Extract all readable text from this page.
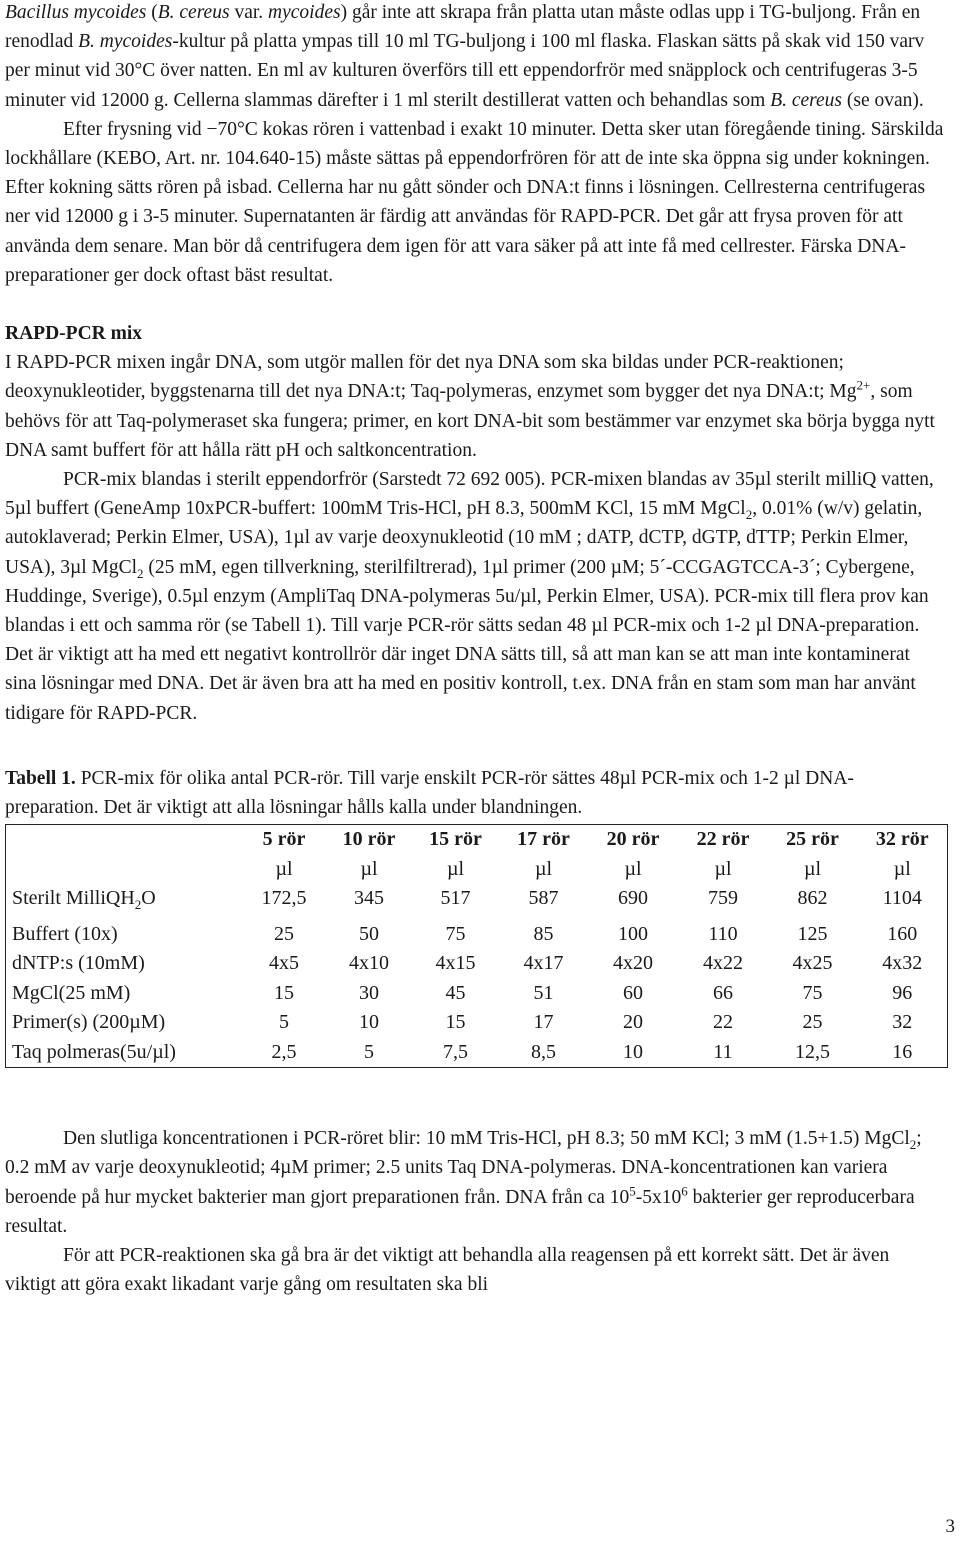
Bacillus mycoides (B. cereus var. mycoides) går inte att skrapa från platta utan måste odlas upp i TG-buljong. Från en renodlad B. mycoides-kultur på platta ympas till 10 ml TG-buljong i 100 ml flaska. Flaskan sätts på skak vid 150 varv per minut vid 30°C över natten. En ml av kulturen överförs till ett eppendorfrör med snäpplock och centrifugeras 3-5 minuter vid 12000 g. Cellerna slammas därefter i 1 ml sterilt destillerat vatten och behandlas som B. cereus (se ovan).

Efter frysning vid −70°C kokas rören i vattenbad i exakt 10 minuter. Detta sker utan föregående tining. Särskilda lockhållare (KEBO, Art. nr. 104.640-15) måste sättas på eppendorfrören för att de inte ska öppna sig under kokningen. Efter kokning sätts rören på isbad. Cellerna har nu gått sönder och DNA:t finns i lösningen. Cellresterna centrifugeras ner vid 12000 g i 3-5 minuter. Supernatanten är färdig att användas för RAPD-PCR. Det går att frysa proven för att använda dem senare. Man bör då centrifugera dem igen för att vara säker på att inte få med cellrester. Färska DNA-preparationer ger dock oftast bäst resultat.

RAPD-PCR mix

I RAPD-PCR mixen ingår DNA, som utgör mallen för det nya DNA som ska bildas under PCR-reaktionen; deoxynukleotider, byggstenarna till det nya DNA:t; Taq-polymeras, enzymet som bygger det nya DNA:t; $Mg^{2+}$, som behövs för att Taq-polymeraset ska fungera; primer, en kort DNA-bit som bestämmer var enzymet ska börja bygga nytt DNA samt buffert för att hålla rätt pH och saltkoncentration.

PCR-mix blandas i sterilt eppendorfrör (Sarstedt 72 692 005). PCR-mixen blandas av 35µl sterilt milliQ vatten, 5µl buffert (GeneAmp 10xPCR-buffert: 100mM Tris-HCl, pH 8.3, 500mM KCl, 15 mM MgCl$_2$, 0.01% (w/v) gelatin, autoklaverad; Perkin Elmer, USA), 1µl av varje deoxynukleotid (10 mM ; dATP, dCTP, dGTP, dTTP; Perkin Elmer, USA), 3µl MgCl$_2$ (25 mM, egen tillverkning, sterilfiltrerad), 1µl primer (200 µM; 5´-CCGAGTCCA-3´; Cybergene, Huddinge, Sverige), 0.5µl enzym (AmpliTaq DNA-polymeras 5u/µl, Perkin Elmer, USA). PCR-mix till flera prov kan blandas i ett och samma rör (se Tabell 1). Till varje PCR-rör sätts sedan 48 µl PCR-mix och 1-2 µl DNA-preparation. Det är viktigt att ha med ett negativt kontrollrör där inget DNA sätts till, så att man kan se att man inte kontaminerat sina lösningar med DNA. Det är även bra att ha med en positiv kontroll, t.ex. DNA från en stam som man har använt tidigare för RAPD-PCR.

Tabell 1. PCR-mix för olika antal PCR-rör. Till varje enskilt PCR-rör sättes 48µl PCR-mix och 1-2 µl DNA-preparation. Det är viktigt att alla lösningar hålls kalla under blandningen.

	5 rör	10 rör	15 rör	17 rör	20 rör	22 rör	25 rör	32 rör
	µl	µl	µl	µl	µl	µl	µl	µl
Sterilt MilliQH$_2$O	172,5	345	517	587	690	759	862	1104

Buffert (10x)	25	50	75	85	100	110	125	160
dNTP:s (10mM)	4x5	4x10	4x15	4x17	4x20	4x22	4x25	4x32
MgCl(25 mM)	15	30	45	51	60	66	75	96
Primer(s) (200µM)	5	10	15	17	20	22	25	32
Taq polmeras(5u/µl)	2,5	5	7,5	8,5	10	11	12,5	16

Den slutliga koncentrationen i PCR-röret blir: 10 mM Tris-HCl, pH 8.3; 50 mM KCl; 3 mM (1.5+1.5) MgCl$_2$; 0.2 mM av varje deoxynukleotid; 4µM primer; 2.5 units Taq DNA-polymeras. DNA-koncentrationen kan variera beroende på hur mycket bakterier man gjort preparationen från. DNA från ca $10^5-5x10^6$ bakterier ger reproducerbara resultat.

För att PCR-reaktionen ska gå bra är det viktigt att behandla alla reagensen på ett korrekt sätt. Det är även viktigt att göra exakt likadant varje gång om resultaten ska bli

3
